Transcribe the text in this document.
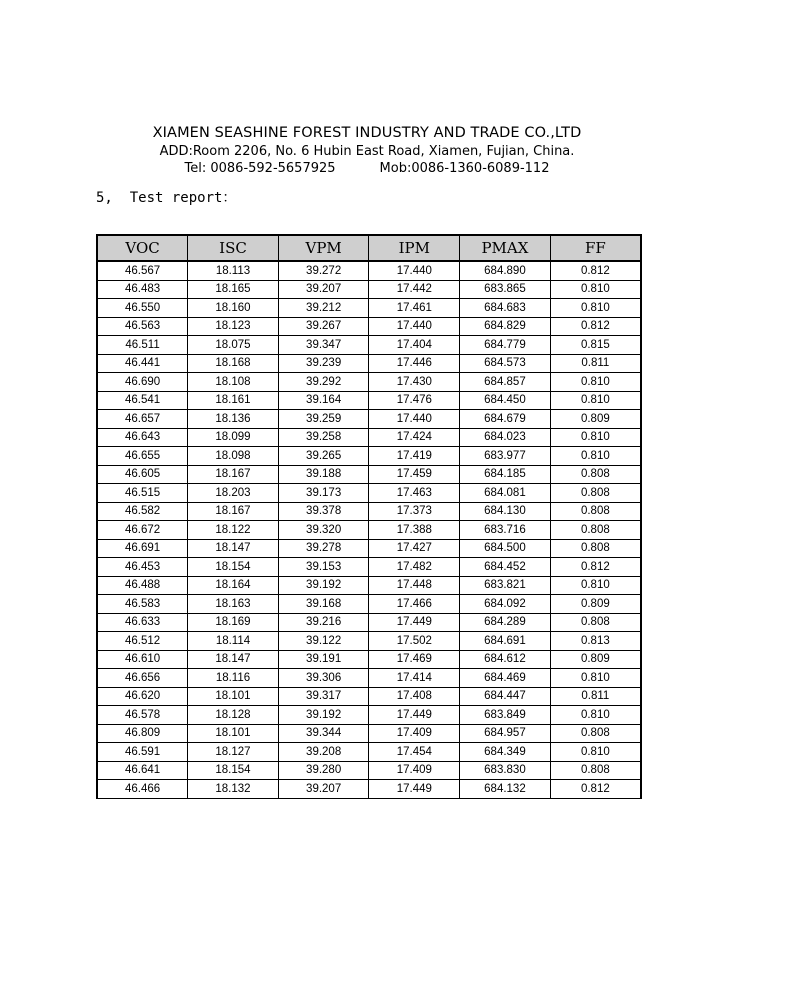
XIAMEN SEASHINE FOREST INDUSTRY AND TRADE CO.,LTD
ADD:Room 2206, No. 6 Hubin East Road, Xiamen, Fujian, China.
Tel: 0086-592-5657925	Mob:0086-1360-6089-112
5,  Test report：
VOC	ISC	VPM	IPM	PMAX	FF
46.567	18.113	39.272	17.440	684.890	0.812
46.483	18.165	39.207	17.442	683.865	0.810
46.550	18.160	39.212	17.461	684.683	0.810
46.563	18.123	39.267	17.440	684.829	0.812
46.511	18.075	39.347	17.404	684.779	0.815
46.441	18.168	39.239	17.446	684.573	0.811
46.690	18.108	39.292	17.430	684.857	0.810
46.541	18.161	39.164	17.476	684.450	0.810
46.657	18.136	39.259	17.440	684.679	0.809
46.643	18.099	39.258	17.424	684.023	0.810
46.655	18.098	39.265	17.419	683.977	0.810
46.605	18.167	39.188	17.459	684.185	0.808
46.515	18.203	39.173	17.463	684.081	0.808
46.582	18.167	39.378	17.373	684.130	0.808
46.672	18.122	39.320	17.388	683.716	0.808
46.691	18.147	39.278	17.427	684.500	0.808
46.453	18.154	39.153	17.482	684.452	0.812
46.488	18.164	39.192	17.448	683.821	0.810
46.583	18.163	39.168	17.466	684.092	0.809
46.633	18.169	39.216	17.449	684.289	0.808
46.512	18.114	39.122	17.502	684.691	0.813
46.610	18.147	39.191	17.469	684.612	0.809
46.656	18.116	39.306	17.414	684.469	0.810
46.620	18.101	39.317	17.408	684.447	0.811
46.578	18.128	39.192	17.449	683.849	0.810
46.809	18.101	39.344	17.409	684.957	0.808
46.591	18.127	39.208	17.454	684.349	0.810
46.641	18.154	39.280	17.409	683.830	0.808
46.466	18.132	39.207	17.449	684.132	0.812
